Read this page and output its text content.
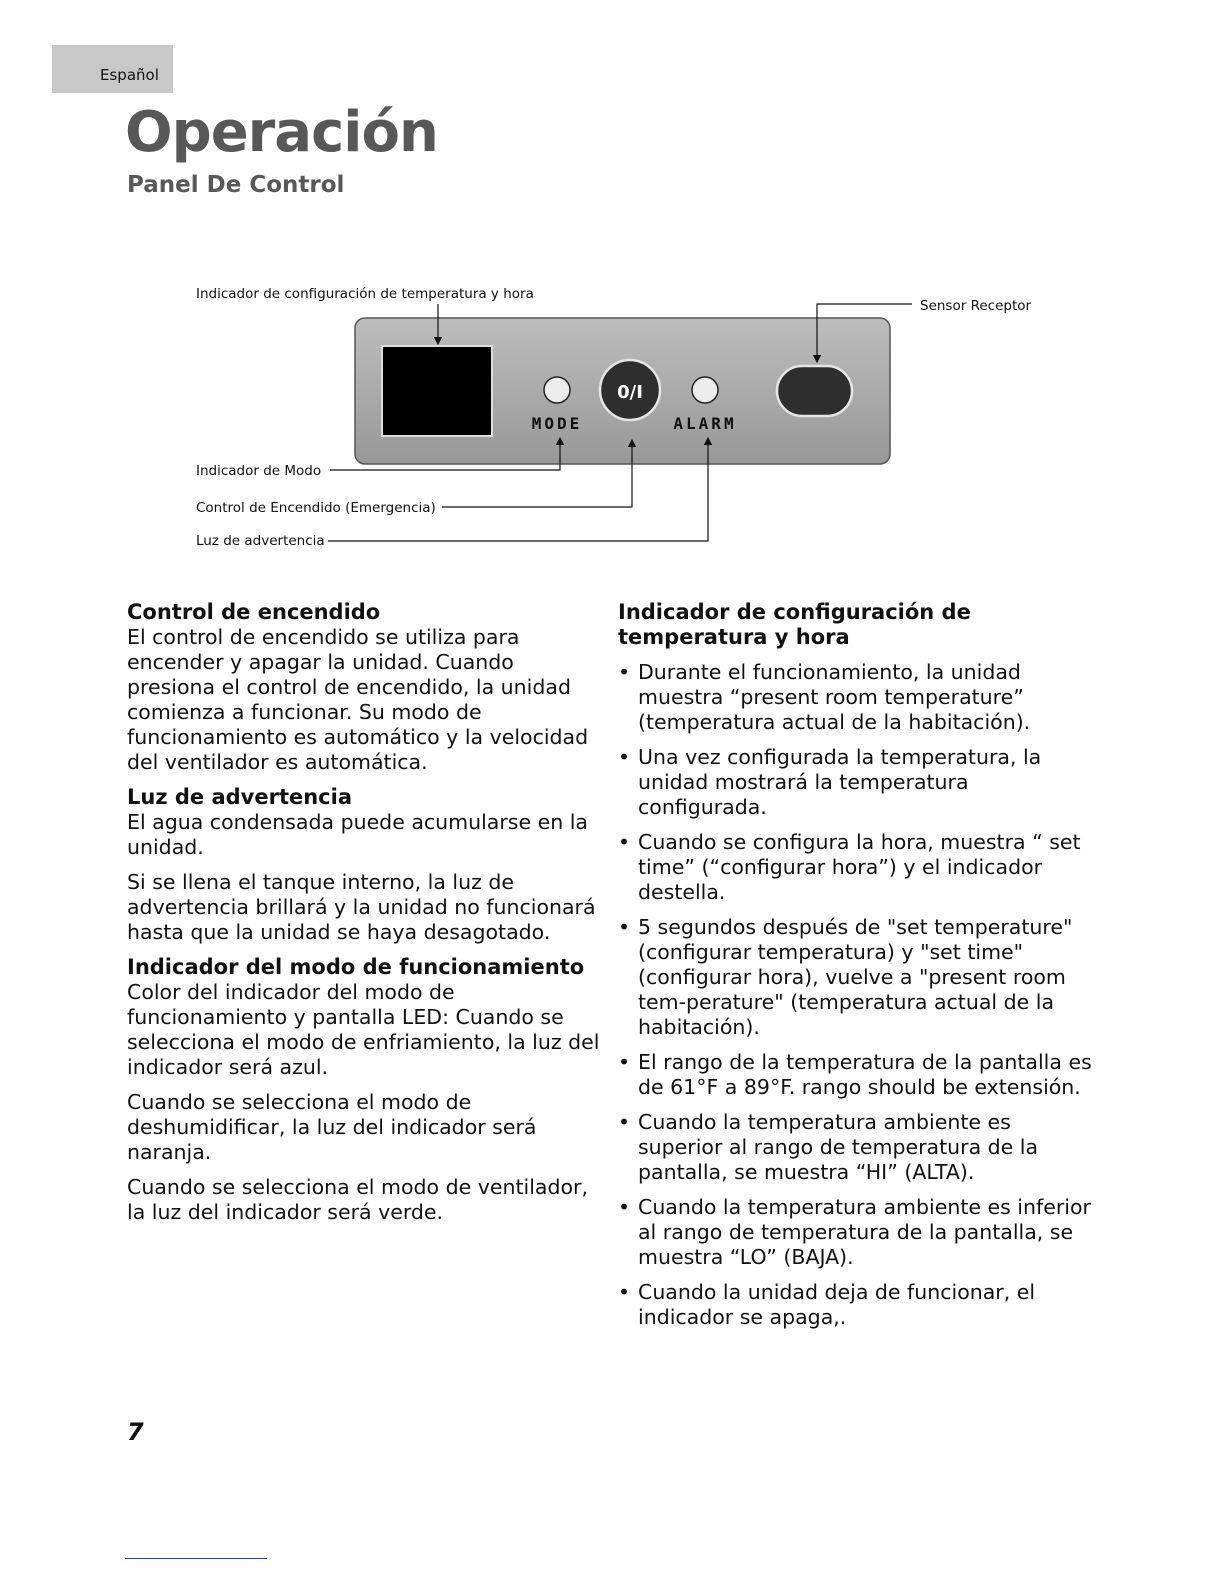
Español
Operación
Panel De Control
MODE
0/I
ALARM
Indicador de configuración de temperatura y hora
Sensor Receptor
Indicador de Modo
Control de Encendido (Emergencia)
Luz de advertencia
Control de encendido

El control de encendido se utiliza para encender y apagar la unidad. Cuando presiona el control de encendido, la unidad comienza a funcionar. Su modo de funcionamiento es automático y la velocidad del ventilador es automática.

Luz de advertencia

El agua condensada puede acumularse en la unidad.

Si se llena el tanque interno, la luz de advertencia brillará y la unidad no funcionará hasta que la unidad se haya desagotado.

Indicador del modo de funcionamiento

Color del indicador del modo de funcionamiento y pantalla LED: Cuando se selecciona el modo de enfriamiento, la luz del indicador será azul.

Cuando se selecciona el modo de deshumidificar, la luz del indicador será naranja.

Cuando se selecciona el modo de ventilador, la luz del indicador será verde.

Indicador de configuración de temperatura y hora
• Durante el funcionamiento, la unidad muestra “present room temperature” (temperatura actual de la habitación).
• Una vez configurada la temperatura, la unidad mostrará la temperatura configurada.
• Cuando se configura la hora, muestra “ set time” (“configurar hora”) y el indicador destella.
• 5 segundos después de "set temperature" (configurar temperatura) y "set time" (configurar hora), vuelve a "present room tem-perature" (temperatura actual de la habitación).
• El rango de la temperatura de la pantalla es de 61°F a 89°F. rango should be extensión.
• Cuando la temperatura ambiente es superior al rango de temperatura de la pantalla, se muestra “HI” (ALTA).
• Cuando la temperatura ambiente es inferior al rango de temperatura de la pantalla, se muestra “LO” (BAJA).
• Cuando la unidad deja de funcionar, el indicador se apaga,.
7
